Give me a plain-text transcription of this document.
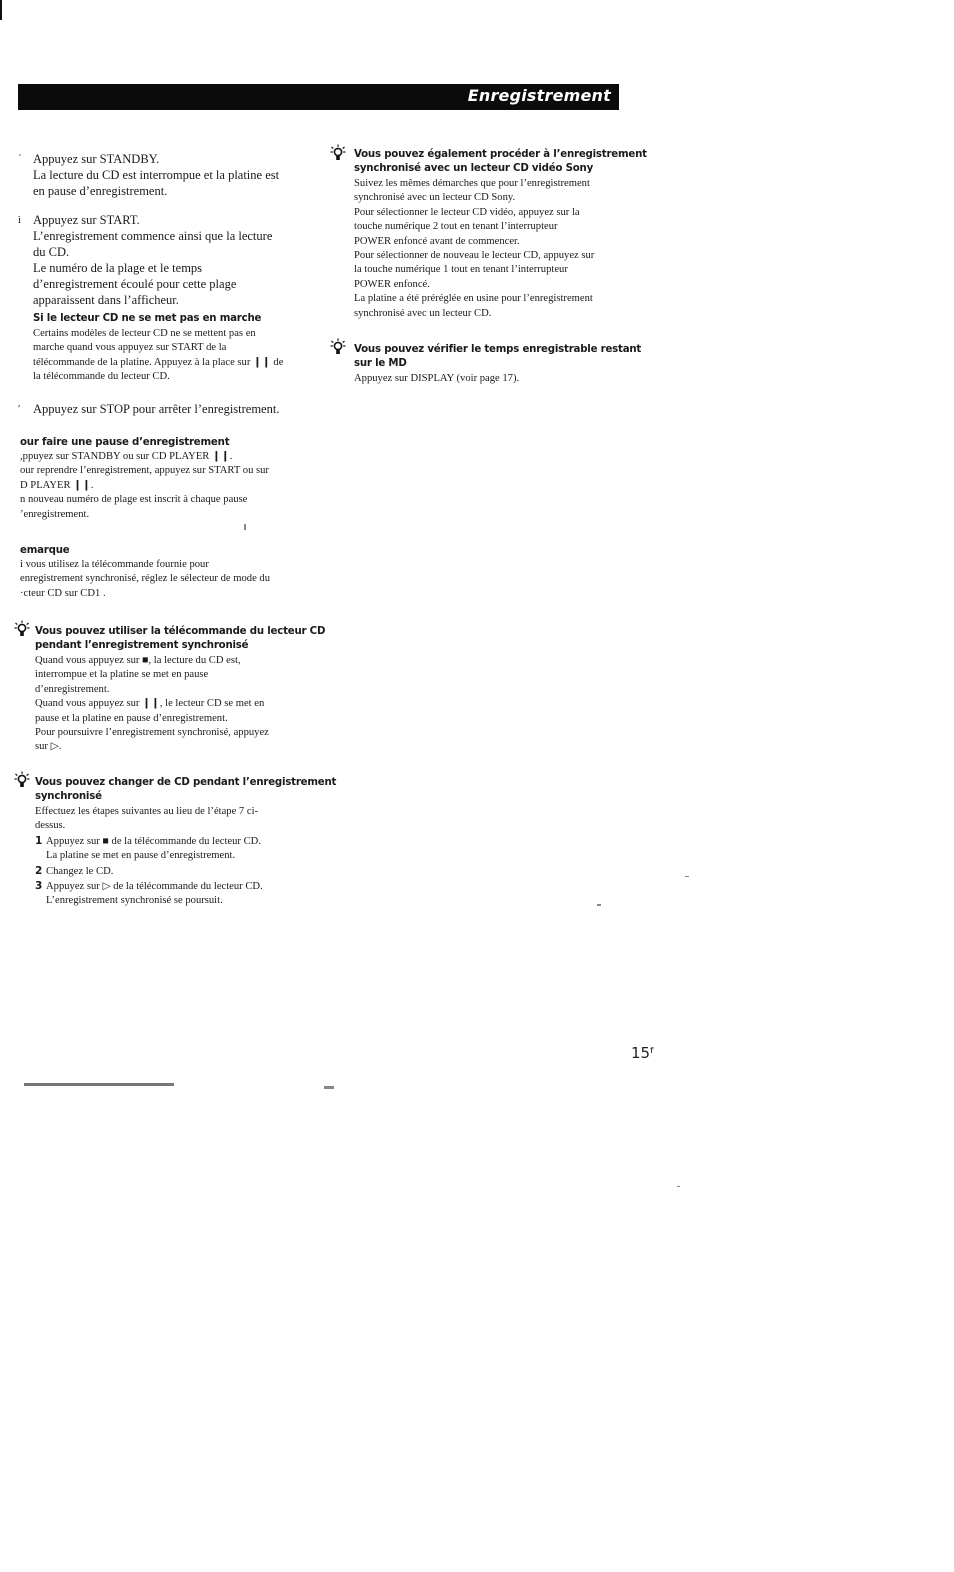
Enregistrement
´ Appuyez sur STANDBY.
La lecture du CD est interrompue et la platine est
en pause d’enregistrement.
ì Appuyez sur START.
L’enregistrement commence ainsi que la lecture
du CD.
Le numéro de la plage et le temps
d’enregistrement écoulé pour cette plage
apparaissent dans l’afficheur.
Si le lecteur CD ne se met pas en marche
Certains modèles de lecteur CD ne se mettent pas en
marche quand vous appuyez sur START de la
télécommande de la platine. Appuyez à la place sur ❙❙ de
la télécommande du lecteur CD.
′ Appuyez sur STOP pour arrêter l’enregistrement.
our faire une pause d’enregistrement
,ppuyez sur STANDBY ou sur CD PLAYER ❙❙.
our reprendre l’enregistrement, appuyez sur START ou sur
D PLAYER ❙❙.
n nouveau numéro de plage est inscrit à chaque pause
’enregistrement.
emarque
i vous utilisez la télécommande fournie pour
enregistrement synchronisé, réglez le sélecteur de mode du
·cteur CD sur CD1 .
Vous pouvez utiliser la télécommande du lecteur CD
pendant l’enregistrement synchronisé
Quand vous appuyez sur ■, la lecture du CD est,
interrompue et la platine se met en pause
d’enregistrement.
Quand vous appuyez sur ❙❙, le lecteur CD se met en
pause et la platine en pause d’enregistrement.
Pour poursuivre l’enregistrement synchronisé, appuyez
sur ▷.
Vous pouvez changer de CD pendant l’enregistrement
synchronisé
Effectuez les étapes suivantes au lieu de l’étape 7 ci-
dessus.
1 Appuyez sur ■ de la télécommande du lecteur CD.
La platine se met en pause d’enregistrement.
2 Changez le CD.
3 Appuyez sur ▷ de la télécommande du lecteur CD.
L’enregistrement synchronisé se poursuit.
Vous pouvez également procéder à l’enregistrement
synchronisé avec un lecteur CD vidéo Sony
Suivez les mêmes démarches que pour l’enregistrement
synchronisé avec un lecteur CD Sony.
Pour sélectionner le lecteur CD vidéo, appuyez sur la
touche numérique 2 tout en tenant l’interrupteur
POWER enfoncé avant de commencer.
Pour sélectionner de nouveau le lecteur CD, appuyez sur
la touche numérique 1 tout en tenant l’interrupteur
POWER enfoncé.
La platine a été préréglée en usine pour l’enregistrement
synchronisé avec un lecteur CD.
Vous pouvez vérifier le temps enregistrable restant
sur le MD
Appuyez sur DISPLAY (voir page 17).
15ᶠ
